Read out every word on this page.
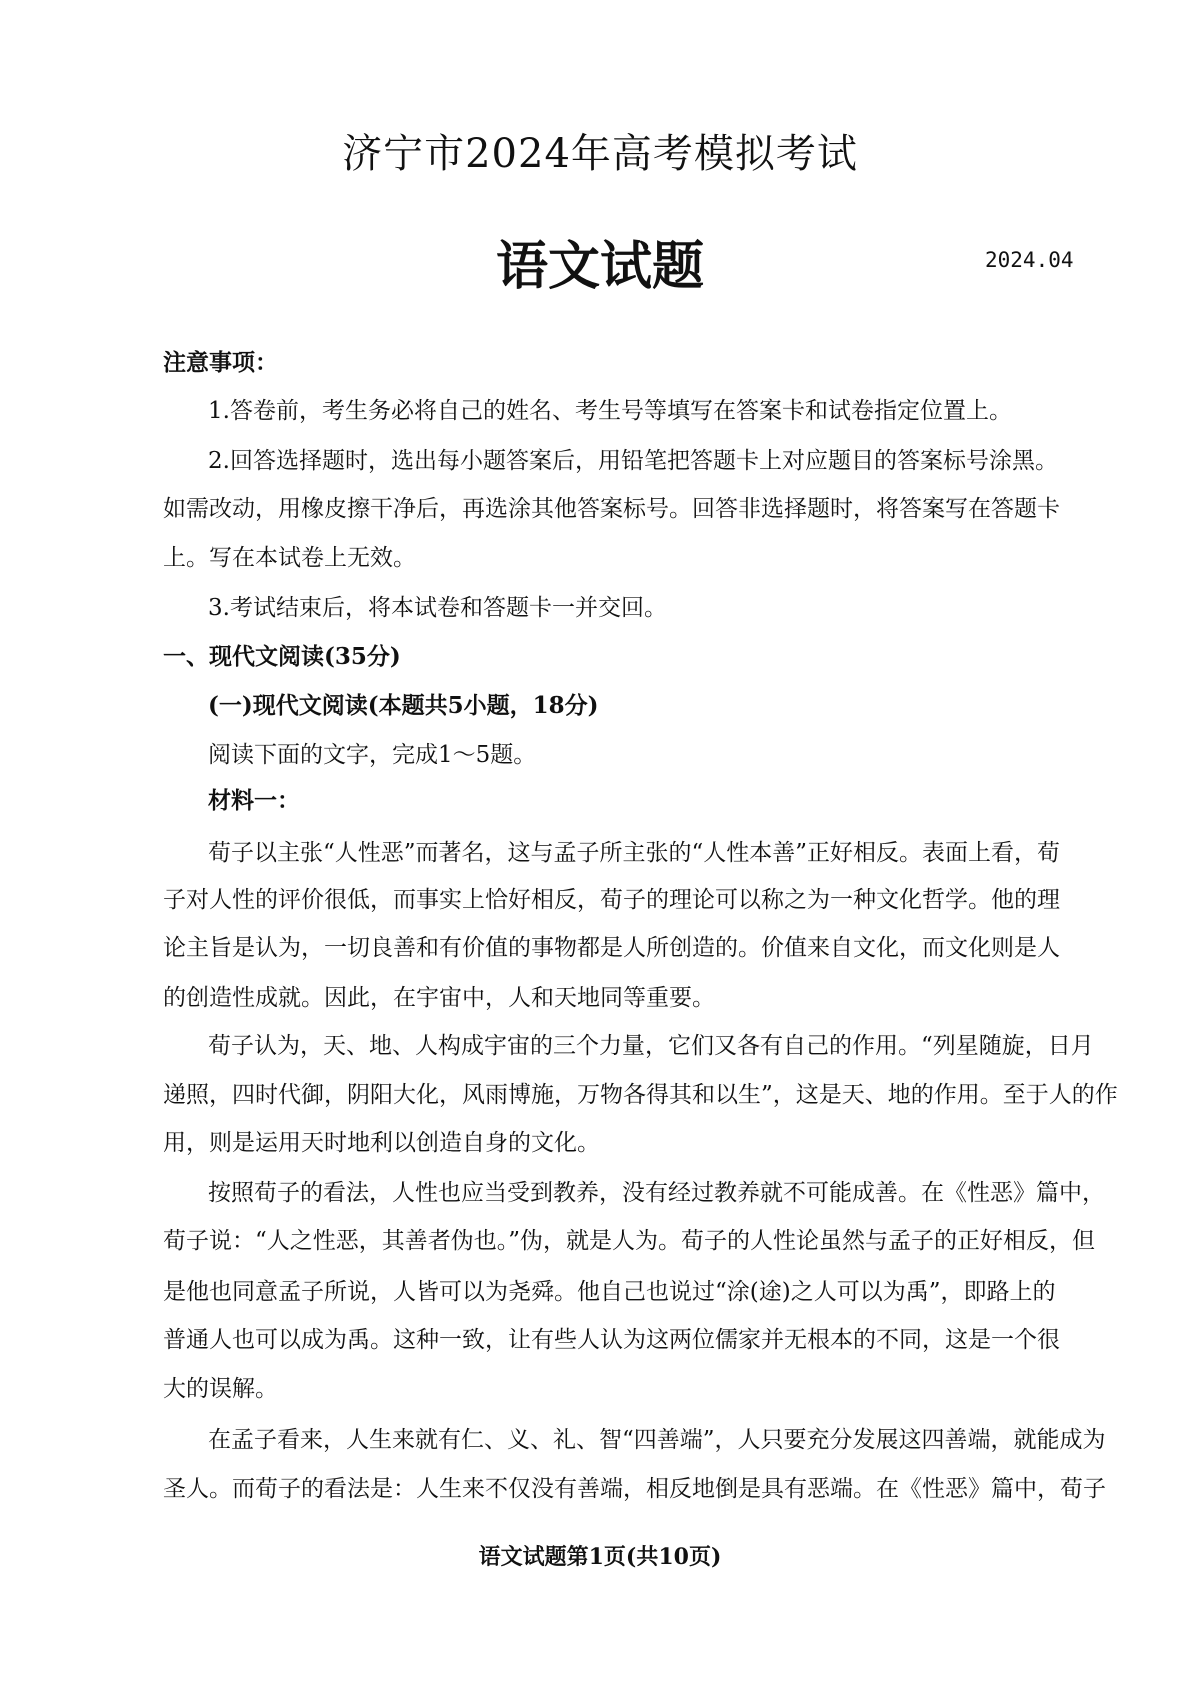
济宁市2024年高考模拟考试
语文试题	2024.04
注意事项：
1.答卷前，考生务必将自己的姓名、考生号等填写在答案卡和试卷指定位置上。
2.回答选择题时，选出每小题答案后，用铅笔把答题卡上对应题目的答案标号涂黑。
如需改动，用橡皮擦干净后，再选涂其他答案标号。回答非选择题时，将答案写在答题卡
上。写在本试卷上无效。
3.考试结束后，将本试卷和答题卡一并交回。
一、现代文阅读(35分)
(一)现代文阅读(本题共5小题，18分)
阅读下面的文字，完成1～5题。
材料一：
荀子以主张“人性恶”而著名，这与孟子所主张的“人性本善”正好相反。表面上看，荀
子对人性的评价很低，而事实上恰好相反，荀子的理论可以称之为一种文化哲学。他的理
论主旨是认为，一切良善和有价值的事物都是人所创造的。价值来自文化，而文化则是人
的创造性成就。因此，在宇宙中，人和天地同等重要。
荀子认为，天、地、人构成宇宙的三个力量，它们又各有自己的作用。“列星随旋，日月
递照，四时代御，阴阳大化，风雨博施，万物各得其和以生”，这是天、地的作用。至于人的作
用，则是运用天时地利以创造自身的文化。
按照荀子的看法，人性也应当受到教养，没有经过教养就不可能成善。在《性恶》篇中，
荀子说：“人之性恶，其善者伪也。”伪，就是人为。荀子的人性论虽然与孟子的正好相反，但
是他也同意孟子所说，人皆可以为尧舜。他自己也说过“涂(途)之人可以为禹”，即路上的
普通人也可以成为禹。这种一致，让有些人认为这两位儒家并无根本的不同，这是一个很
大的误解。
在孟子看来，人生来就有仁、义、礼、智“四善端”，人只要充分发展这四善端，就能成为
圣人。而荀子的看法是：人生来不仅没有善端，相反地倒是具有恶端。在《性恶》篇中，荀子
语文试题第1页(共10页)
